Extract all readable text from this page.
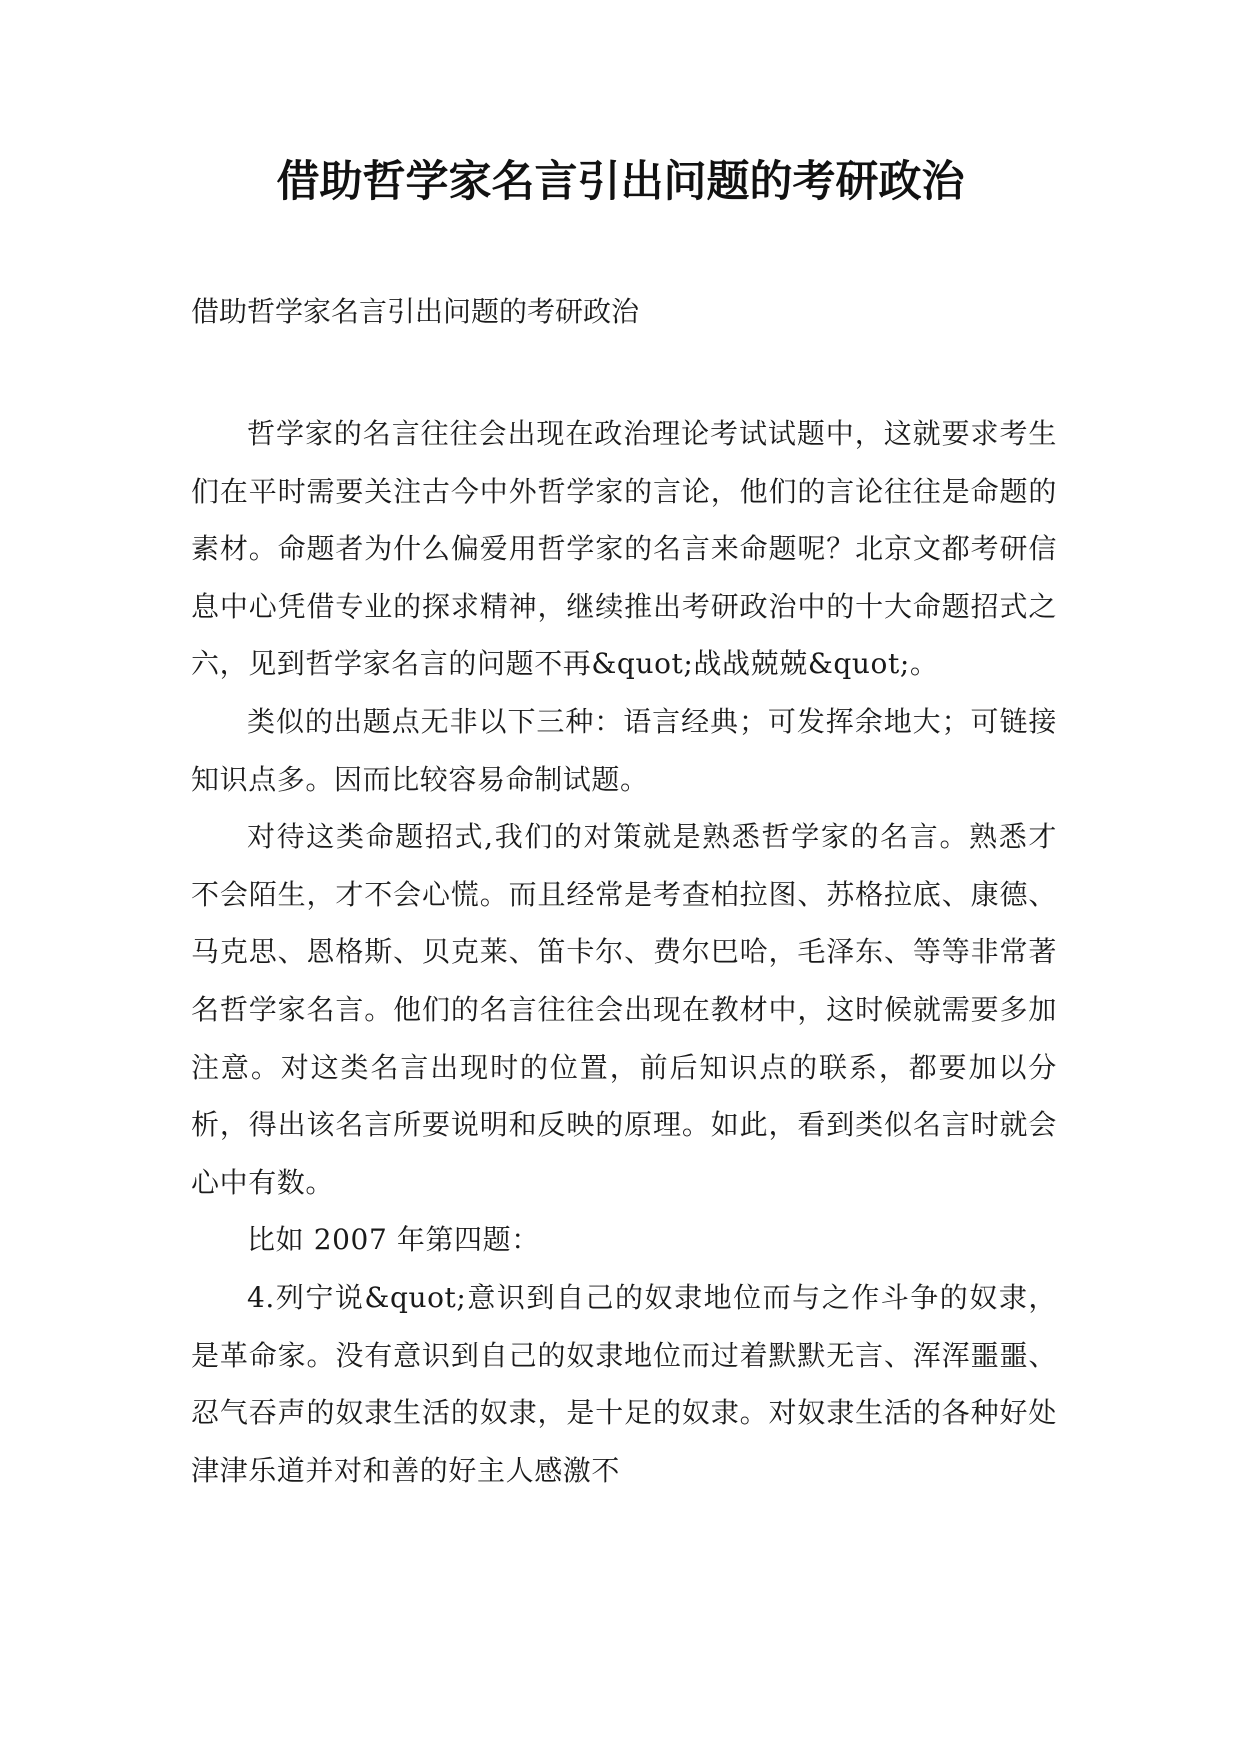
借助哲学家名言引出问题的考研政治

借助哲学家名言引出问题的考研政治

哲学家的名言往往会出现在政治理论考试试题中，这就要求考生们在平时需要关注古今中外哲学家的言论，他们的言论往往是命题的素材。命题者为什么偏爱用哲学家的名言来命题呢？北京文都考研信息中心凭借专业的探求精神，继续推出考研政治中的十大命题招式之六，见到哲学家名言的问题不再&quot;战战兢兢&quot;。

类似的出题点无非以下三种：语言经典；可发挥余地大；可链接知识点多。因而比较容易命制试题。

对待这类命题招式,我们的对策就是熟悉哲学家的名言。熟悉才不会陌生，才不会心慌。而且经常是考查柏拉图、苏格拉底、康德、马克思、恩格斯、贝克莱、笛卡尔、费尔巴哈，毛泽东、等等非常著名哲学家名言。他们的名言往往会出现在教材中，这时候就需要多加注意。对这类名言出现时的位置，前后知识点的联系，都要加以分析，得出该名言所要说明和反映的原理。如此，看到类似名言时就会心中有数。

比如 2007 年第四题：

4.列宁说&quot;意识到自己的奴隶地位而与之作斗争的奴隶，是革命家。没有意识到自己的奴隶地位而过着默默无言、浑浑噩噩、忍气吞声的奴隶生活的奴隶，是十足的奴隶。对奴隶生活的各种好处津津乐道并对和善的好主人感激不
